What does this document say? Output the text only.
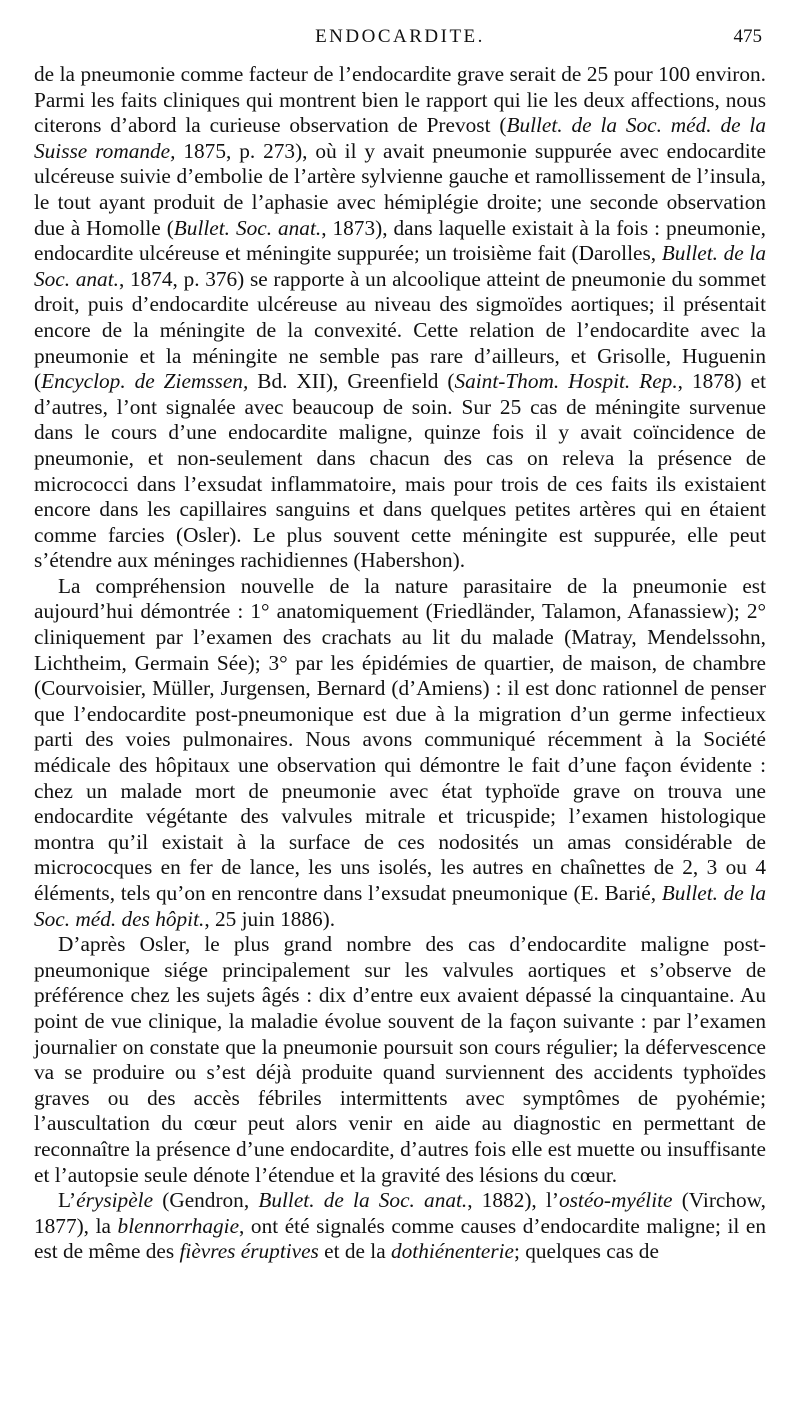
ENDOCARDITE.	475

de la pneumonie comme facteur de l’endocardite grave serait de 25 pour 100 environ. Parmi les faits cliniques qui montrent bien le rapport qui lie les deux affections, nous citerons d’abord la curieuse observation de Prevost (Bullet. de la Soc. méd. de la Suisse romande, 1875, p. 273), où il y avait pneumonie suppurée avec endocardite ulcéreuse suivie d’embolie de l’artère sylvienne gauche et ramollissement de l’insula, le tout ayant produit de l’aphasie avec hémiplégie droite; une seconde observation due à Homolle (Bullet. Soc. anat., 1873), dans laquelle existait à la fois : pneumonie, endocardite ulcéreuse et méningite suppurée; un troisième fait (Darolles, Bullet. de la Soc. anat., 1874, p. 376) se rapporte à un alcoolique atteint de pneumonie du sommet droit, puis d’endocardite ulcéreuse au niveau des sigmoïdes aortiques; il présentait encore de la méningite de la convexité. Cette relation de l’endocardite avec la pneumonie et la méningite ne semble pas rare d’ailleurs, et Grisolle, Huguenin (Encyclop. de Ziemssen, Bd. XII), Greenfield (Saint-Thom. Hospit. Rep., 1878) et d’autres, l’ont signalée avec beaucoup de soin. Sur 25 cas de méningite survenue dans le cours d’une endocardite maligne, quinze fois il y avait coïncidence de pneumonie, et non-seulement dans chacun des cas on releva la présence de micrococci dans l’exsudat inflammatoire, mais pour trois de ces faits ils existaient encore dans les capillaires sanguins et dans quelques petites artères qui en étaient comme farcies (Osler). Le plus souvent cette méningite est suppurée, elle peut s’étendre aux méninges rachidiennes (Habershon).

La compréhension nouvelle de la nature parasitaire de la pneumonie est aujourd’hui démontrée : 1° anatomiquement (Friedländer, Talamon, Afanassiew); 2° cliniquement par l’examen des crachats au lit du malade (Matray, Mendelssohn, Lichtheim, Germain Sée); 3° par les épidémies de quartier, de maison, de chambre (Courvoisier, Müller, Jurgensen, Bernard (d’Amiens) : il est donc rationnel de penser que l’endocardite post-pneumonique est due à la migration d’un germe infectieux parti des voies pulmonaires. Nous avons communiqué récemment à la Société médicale des hôpitaux une observation qui démontre le fait d’une façon évidente : chez un malade mort de pneumonie avec état typhoïde grave on trouva une endocardite végétante des valvules mitrale et tricuspide; l’examen histologique montra qu’il existait à la surface de ces nodosités un amas considérable de micrococques en fer de lance, les uns isolés, les autres en chaînettes de 2, 3 ou 4 éléments, tels qu’on en rencontre dans l’exsudat pneumonique (E. Barié, Bullet. de la Soc. méd. des hôpit., 25 juin 1886).

D’après Osler, le plus grand nombre des cas d’endocardite maligne post-pneumonique siége principalement sur les valvules aortiques et s’observe de préférence chez les sujets âgés : dix d’entre eux avaient dépassé la cinquantaine. Au point de vue clinique, la maladie évolue souvent de la façon suivante : par l’examen journalier on constate que la pneumonie poursuit son cours régulier; la défervescence va se produire ou s’est déjà produite quand surviennent des accidents typhoïdes graves ou des accès fébriles intermittents avec symptômes de pyohémie; l’auscultation du cœur peut alors venir en aide au diagnostic en permettant de reconnaître la présence d’une endocardite, d’autres fois elle est muette ou insuffisante et l’autopsie seule dénote l’étendue et la gravité des lésions du cœur.

L’érysipèle (Gendron, Bullet. de la Soc. anat., 1882), l’ostéo-myélite (Virchow, 1877), la blennorrhagie, ont été signalés comme causes d’endocardite maligne; il en est de même des fièvres éruptives et de la dothiénenterie; quelques cas de
